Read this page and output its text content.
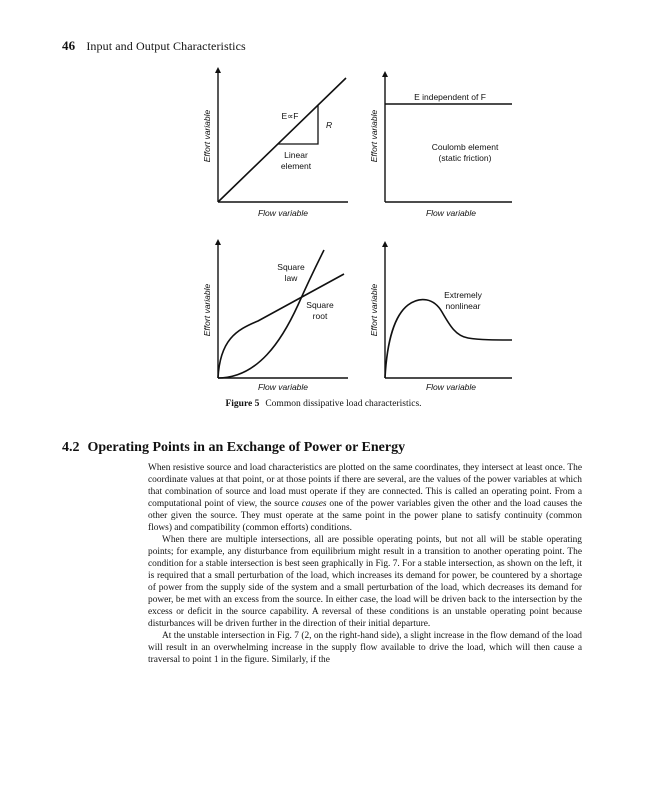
46 Input and Output Characteristics
Effort variable
Flow variable
E∝F
R
Linear
element
Effort variable
Flow variable
E independent of F
Coulomb element
(static friction)
Effort variable
Flow variable
Square
law
Square
root	Effort variable
Flow variable
Extremely
nonlinear
Figure 5 Common dissipative load characteristics.
4.2 Operating Points in an Exchange of Power or Energy

When resistive source and load characteristics are plotted on the same coordinates, they intersect at least once. The coordinate values at that point, or at those points if there are several, are the values of the power variables at which that combination of source and load must operate if they are connected. This is called an operating point. From a computational point of view, the source causes one of the power variables given the other and the load causes the other given the source. They must operate at the same point in the power plane to satisfy continuity (common flows) and compatibility (common efforts) conditions.

When there are multiple intersections, all are possible operating points, but not all will be stable operating points; for example, any disturbance from equilibrium might result in a transition to another operating point. The condition for a stable intersection is best seen graphically in Fig. 7. For a stable intersection, as shown on the left, it is required that a small perturbation of the load, which increases its demand for power, be countered by a shortage of power from the supply side of the system and a small perturbation of the load, which decreases its demand for power, be met with an excess from the source. In either case, the load will be driven back to the intersection by the excess or deficit in the source capability. A reversal of these conditions is an unstable operating point because disturbances will be driven further in the direction of their initial departure.

At the unstable intersection in Fig. 7 (2, on the right-hand side), a slight increase in the flow demand of the load will result in an overwhelming increase in the supply flow available to drive the load, which will then cause a traversal to point 1 in the figure. Similarly, if the
